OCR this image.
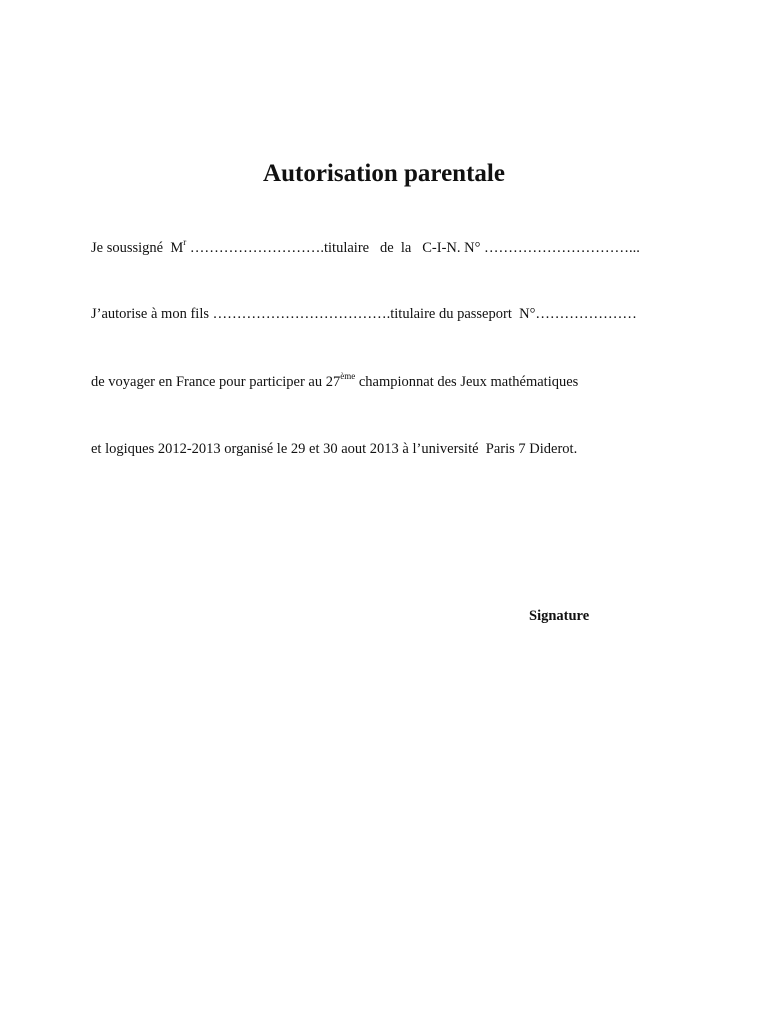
Autorisation parentale

Je soussigné  $M^r$ ……………………….titulaire   de  la   C-I-N. N° …………………………...

J’autorise à mon fils ……………………………….titulaire du passeport  N°…………………

de voyager en France pour participer au 27ème championnat des Jeux mathématiques

et logiques 2012-2013 organisé le 29 et 30 aout 2013 à l’université  Paris 7 Diderot.

Signature
